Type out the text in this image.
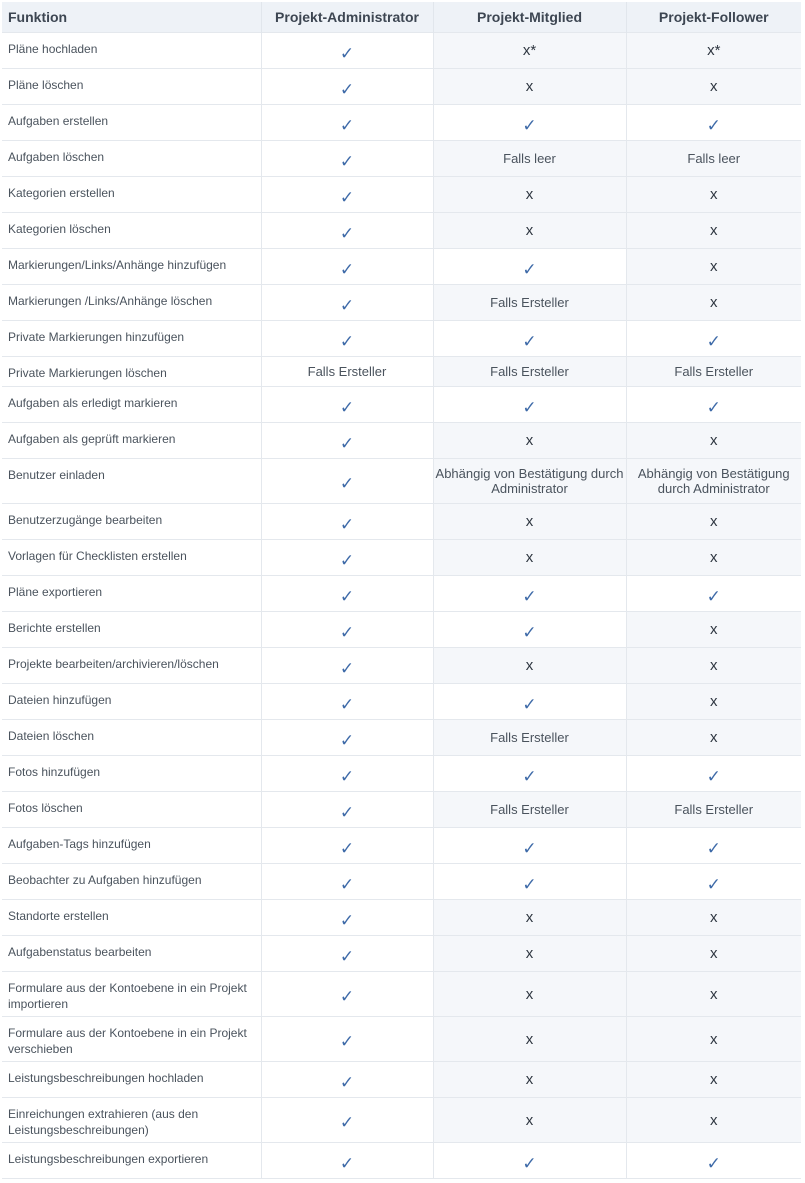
Funktion	Projekt-Administrator	Projekt-Mitglied	Projekt-Follower
Pläne hochladen	✓	x*	x*
Pläne löschen	✓	x	x
Aufgaben erstellen	✓	✓	✓
Aufgaben löschen	✓	Falls leer	Falls leer
Kategorien erstellen	✓	x	x
Kategorien löschen	✓	x	x
Markierungen/Links/Anhänge hinzufügen	✓	✓	x
Markierungen /Links/Anhänge löschen	✓	Falls Ersteller	x
Private Markierungen hinzufügen	✓	✓	✓
Private Markierungen löschen	Falls Ersteller	Falls Ersteller	Falls Ersteller
Aufgaben als erledigt markieren	✓	✓	✓
Aufgaben als geprüft markieren	✓	x	x
Benutzer einladen	✓	Abhängig von Bestätigung durch Administrator	Abhängig von Bestätigung durch Administrator
Benutzerzugänge bearbeiten	✓	x	x
Vorlagen für Checklisten erstellen	✓	x	x
Pläne exportieren	✓	✓	✓
Berichte erstellen	✓	✓	x
Projekte bearbeiten/archivieren/löschen	✓	x	x
Dateien hinzufügen	✓	✓	x
Dateien löschen	✓	Falls Ersteller	x
Fotos hinzufügen	✓	✓	✓
Fotos löschen	✓	Falls Ersteller	Falls Ersteller
Aufgaben-Tags hinzufügen	✓	✓	✓
Beobachter zu Aufgaben hinzufügen	✓	✓	✓
Standorte erstellen	✓	x	x
Aufgabenstatus bearbeiten	✓	x	x
Formulare aus der Kontoebene in ein Projekt importieren	✓	x	x
Formulare aus der Kontoebene in ein Projekt verschieben	✓	x	x
Leistungsbeschreibungen hochladen	✓	x	x
Einreichungen extrahieren (aus den Leistungsbeschreibungen)	✓	x	x
Leistungsbeschreibungen exportieren	✓	✓	✓
